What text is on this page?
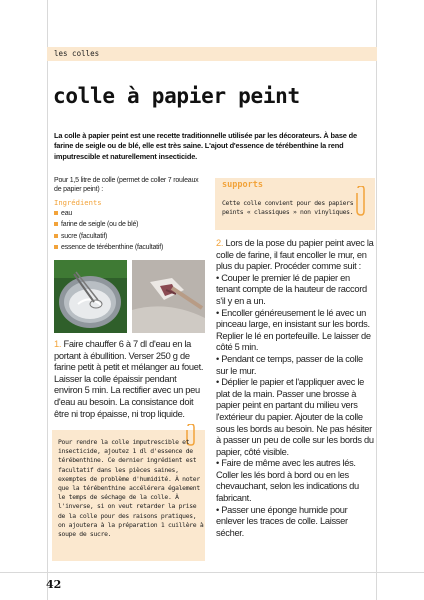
les colles
colle à papier peint

La colle à papier peint est une recette traditionnelle utilisée par les décorateurs. À base de farine de seigle ou de blé, elle est très saine. L'ajout d'essence de térébenthine la rend imputrescible et naturellement insecticide.

Pour 1,5 litre de colle (permet de coller 7 rouleaux de papier peint) :

Ingrédients
eau
farine de seigle (ou de blé)
sucre (facultatif)
essence de térébenthine (facultatif)

1. Faire chauffer 6 à 7 dl d'eau en la portant à ébullition. Verser 250 g de farine petit à petit et mélanger au fouet. Laisser la colle épaissir pendant environ 5 min. La rectifier avec un peu d'eau au besoin. La consistance doit être ni trop épaisse, ni trop liquide.

Pour rendre la colle imputrescible et insecticide, ajoutez 1 dl d'essence de térébenthine. Ce dernier ingrédient est facultatif dans les pièces saines, exemptes de problème d'humidité. À noter que la térébenthine accélérera également le temps de séchage de la colle. À l'inverse, si on veut retarder la prise de la colle pour des raisons pratiques, on ajoutera à la préparation 1 cuillère à soupe de sucre.

supports

Cette colle convient pour des papiers peints « classiques » non vinyliques.

2. Lors de la pose du papier peint avec la colle de farine, il faut encoller le mur, en plus du papier. Procéder comme suit :
• Couper le premier lé de papier en tenant compte de la hauteur de raccord s'il y en a un.
• Encoller généreusement le lé avec un pinceau large, en insistant sur les bords. Replier le lé en portefeuille. Le laisser de côté 5 min.
• Pendant ce temps, passer de la colle sur le mur.
• Déplier le papier et l'appliquer avec le plat de la main. Passer une brosse à papier peint en partant du milieu vers l'extérieur du papier. Ajouter de la colle sous les bords au besoin. Ne pas hésiter à passer un peu de colle sur les bords du papier, côté visible.
• Faire de même avec les autres lés. Coller les lés bord à bord ou en les chevauchant, selon les indications du fabricant.
• Passer une éponge humide pour enlever les traces de colle. Laisser sécher.
42
